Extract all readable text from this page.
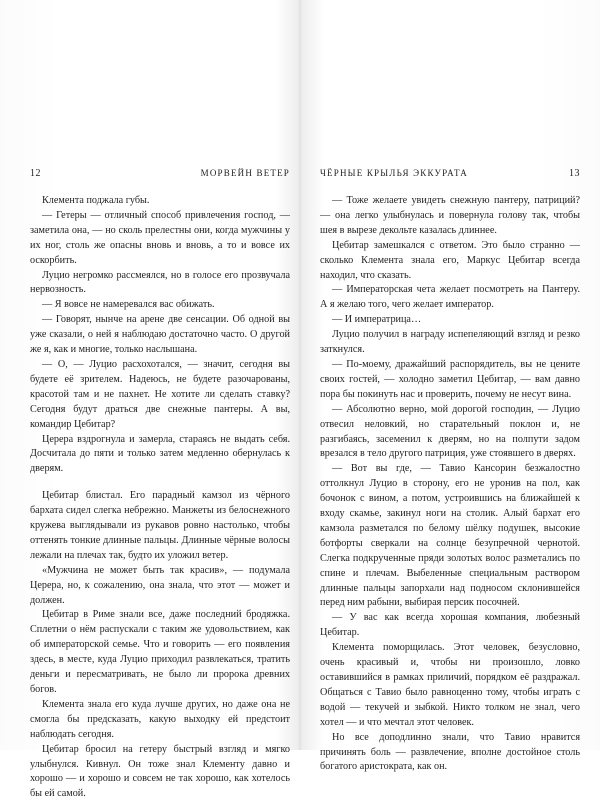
12	МОРВЕЙН ВЕТЕР

Клемента поджала губы.

— Гетеры — отличный способ привлечения господ, — заметила она, — но сколь прелестны они, когда мужчины у их ног, столь же опасны вновь и вновь, а то и вовсе их оскорбить.

Луцио негромко рассмеялся, но в голосе его прозвучала нервозность.

— Я вовсе не намеревался вас обижать.

— Говорят, нынче на арене две сенсации. Об одной вы уже сказали, о ней я наблюдаю достаточно часто. О другой же я, как и многие, только наслышана.

— О, — Луцио расхохотался, — значит, сегодня вы будете её зрителем. Надеюсь, не будете разочарованы, красотой там и не пахнет. Не хотите ли сделать ставку? Сегодня будут драться две снежные пантеры. А вы, командир Цебитар?

Церера вздрогнула и замерла, стараясь не выдать себя. Досчитала до пяти и только затем медленно обернулась к дверям.

Цебитар блистал. Его парадный камзол из чёрного бархата сидел слегка небрежно. Манжеты из белоснежного кружева выглядывали из рукавов ровно настолько, чтобы оттенять тонкие длинные пальцы. Длинные чёрные волосы лежали на плечах так, будто их уложил ветер.

«Мужчина не может быть так красив», — подумала Церера, но, к сожалению, она знала, что этот — может и должен.

Цебитар в Риме знали все, даже последний бродяжка. Сплетни о нём распускали с таким же удовольствием, как об императорской семье. Что и говорить — его появления здесь, в месте, куда Луцио приходил развлекаться, тратить деньги и пересматривать, не было ли пророка древних богов.

Клемента знала его куда лучше других, но даже она не смогла бы предсказать, какую выходку ей предстоит наблюдать сегодня.

Цебитар бросил на гетеру быстрый взгляд и мягко улыбнулся. Кивнул. Он тоже знал Клементу давно и хорошо — и хорошо и совсем не так хорошо, как хотелось бы ей самой.

ЧЁРНЫЕ КРЫЛЬЯ ЭККУРАТА	13

— Тоже желаете увидеть снежную пантеру, патриций? — она легко улыбнулась и повернула голову так, чтобы шея в вырезе декольте казалась длиннее.

Цебитар замешкался с ответом. Это было странно — сколько Клемента знала его, Маркус Цебитар всегда находил, что сказать.

— Императорская чета желает посмотреть на Пантеру. А я желаю того, чего желает император.

— И императрица…

Луцио получил в награду испепеляющий взгляд и резко заткнулся.

— По-моему, дражайший распорядитель, вы не цените своих гостей, — холодно заметил Цебитар, — вам давно пора бы покинуть нас и проверить, почему не несут вина.

— Абсолютно верно, мой дорогой господин, — Луцио отвесил неловкий, но старательный поклон и, не разгибаясь, засеменил к дверям, но на полпути задом врезался в тело другого патриция, уже стоявшего в дверях.

— Вот вы где, — Тавио Кансорин безжалостно оттолкнул Луцио в сторону, его не уронив на пол, как бочонок с вином, а потом, устроившись на ближайшей к входу скамье, закинул ноги на столик. Алый бархат его камзола разметался по белому шёлку подушек, высокие ботфорты сверкали на солнце безупречной чернотой. Слегка подкрученные пряди золотых волос разметались по спине и плечам. Выбеленные специальным раствором длинные пальцы запорхали над подносом склонившейся перед ним рабыни, выбирая персик посочней.

— У вас как всегда хорошая компания, любезный Цебитар.

Клемента поморщилась. Этот человек, безусловно, очень красивый и, чтобы ни произошло, ловко оставившийся в рамках приличий, порядком её раздражал. Общаться с Тавио было равноценно тому, чтобы играть с водой — текучей и зыбкой. Никто толком не знал, чего хотел — и что мечтал этот человек.

Но все доподлинно знали, что Тавио нравится причинять боль — развлечение, вполне достойное столь богатого аристократа, как он.
